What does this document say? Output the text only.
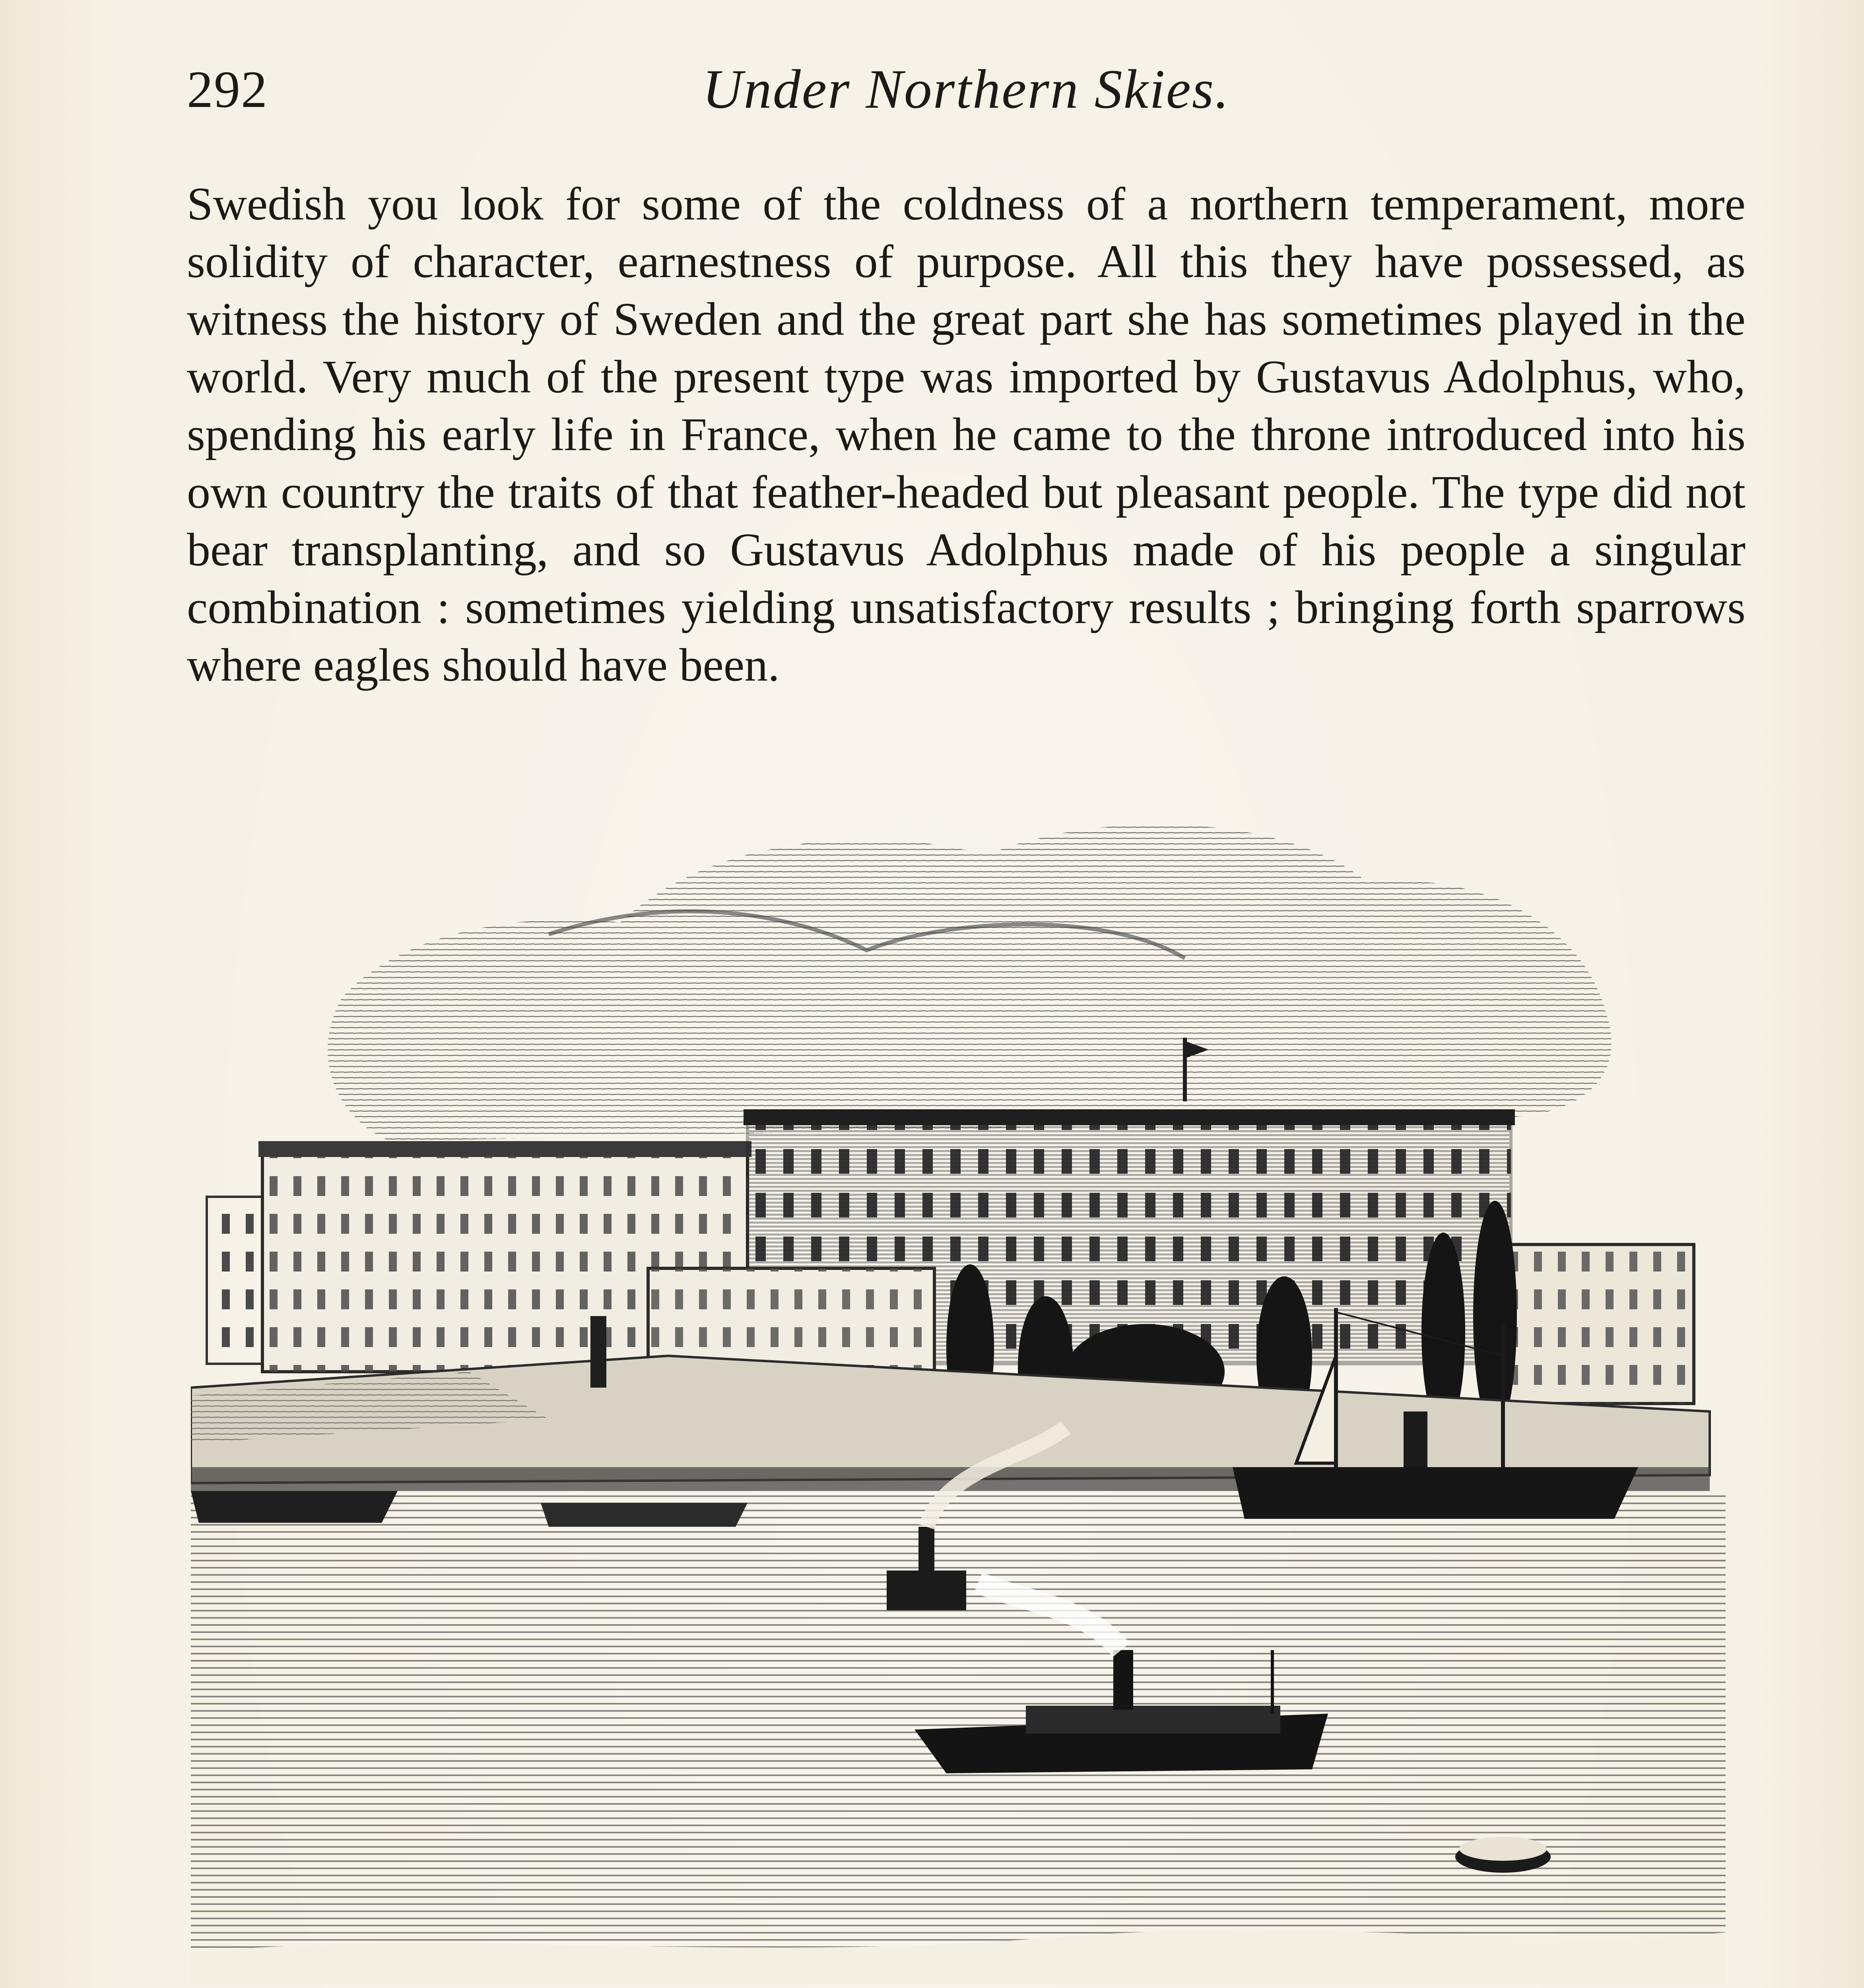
292	Under Northern Skies.

Swedish you look for some of the coldness of a northern temperament, more solidity of character, earnestness of purpose. All this they have possessed, as witness the history of Sweden and the great part she has sometimes played in the world. Very much of the present type was imported by Gustavus Adolphus, who, spending his early life in France, when he came to the throne introduced into his own country the traits of that feather-headed but pleasant people. The type did not bear transplanting, and so Gustavus Adolphus made of his people a singular combination : sometimes yielding unsatisfactory results ; bringing forth sparrows where eagles should have been.
